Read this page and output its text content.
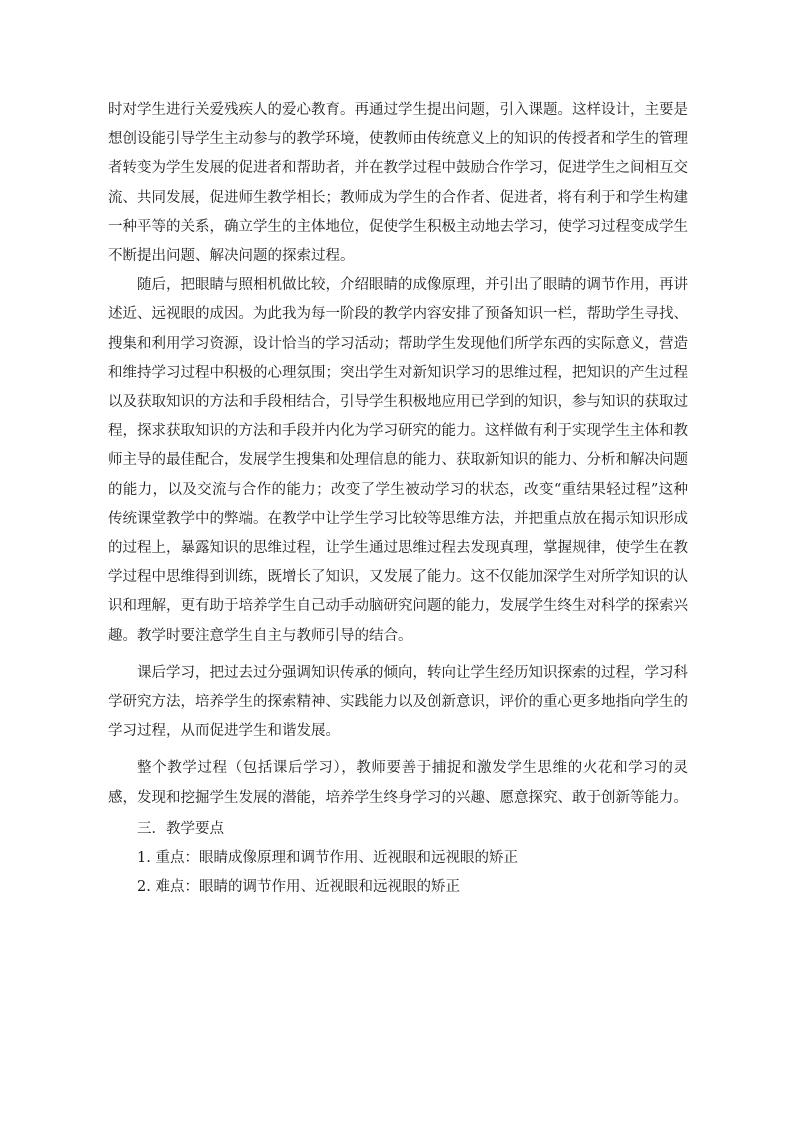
时对学生进行关爱残疾人的爱心教育。再通过学生提出问题，引入课题。这样设计，主要是想创设能引导学生主动参与的教学环境，使教师由传统意义上的知识的传授者和学生的管理者转变为学生发展的促进者和帮助者，并在教学过程中鼓励合作学习，促进学生之间相互交流、共同发展，促进师生教学相长；教师成为学生的合作者、促进者，将有利于和学生构建一种平等的关系，确立学生的主体地位，促使学生积极主动地去学习，使学习过程变成学生不断提出问题、解决问题的探索过程。

随后，把眼睛与照相机做比较，介绍眼睛的成像原理，并引出了眼睛的调节作用，再讲述近、远视眼的成因。为此我为每一阶段的教学内容安排了预备知识一栏，帮助学生寻找、搜集和利用学习资源，设计恰当的学习活动；帮助学生发现他们所学东西的实际意义，营造和维持学习过程中积极的心理氛围；突出学生对新知识学习的思维过程，把知识的产生过程以及获取知识的方法和手段相结合，引导学生积极地应用已学到的知识，参与知识的获取过程，探求获取知识的方法和手段并内化为学习研究的能力。这样做有利于实现学生主体和教师主导的最佳配合，发展学生搜集和处理信息的能力、获取新知识的能力、分析和解决问题的能力，以及交流与合作的能力；改变了学生被动学习的状态，改变“重结果轻过程”这种传统课堂教学中的弊端。在教学中让学生学习比较等思维方法，并把重点放在揭示知识形成的过程上，暴露知识的思维过程，让学生通过思维过程去发现真理，掌握规律，使学生在教学过程中思维得到训练，既增长了知识，又发展了能力。这不仅能加深学生对所学知识的认识和理解，更有助于培养学生自己动手动脑研究问题的能力，发展学生终生对科学的探索兴趣。教学时要注意学生自主与教师引导的结合。

课后学习，把过去过分强调知识传承的倾向，转向让学生经历知识探索的过程，学习科学研究方法，培养学生的探索精神、实践能力以及创新意识，评价的重心更多地指向学生的学习过程，从而促进学生和谐发展。

整个教学过程（包括课后学习），教师要善于捕捉和激发学生思维的火花和学习的灵感，发现和挖掘学生发展的潜能，培养学生终身学习的兴趣、愿意探究、敢于创新等能力。

三．教学要点

1. 重点：眼睛成像原理和调节作用、近视眼和远视眼的矫正

2. 难点：眼睛的调节作用、近视眼和远视眼的矫正
